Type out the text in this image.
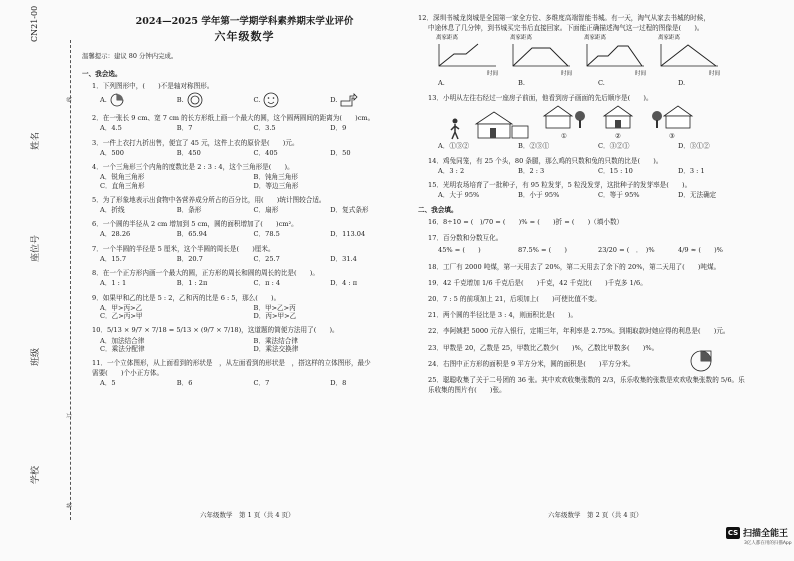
CN21-00
姓名
座位号
班级
学校
线
订
装
2024—2025 学年第一学期学科素养期末学业评价
六年级数学
温馨提示：建议 80 分钟内完成。
一、我会选。
1．下列图形中，(　　)不是轴对称图形。
A.	B.	C.	D.
2．在一张长 9 cm、宽 7 cm 的长方形纸上画一个最大的圆，这个圆两圆间的距离为(　　)cm。
A．4.5	B．7	C．3.5	D．9
3．一件上衣打九折出售，便宜了 45 元，这件上衣的原价是(　　)元。
A．500	B．450	C．405	D．50
4．一个三角形三个内角的度数比是 2 : 3 : 4，这个三角形是(　　)。
A．锐角三角形	B．钝角三角形
C．直角三角形	D．等边三角形
5．为了形象地表示出食物中各营养成分所占的百分比，用(　　)统计图较合适。
A．折线	B．条形	C．扇形	D．复式条形
6．一个圆的半径从 2 cm 增加到 5 cm，圆的面积增加了(　　)cm²。
A．28.26	B．65.94	C．78.5	D．113.04
7．一个半圆的半径是 5 厘米，这个半圆的周长是(　　)厘米。
A．15.7	B．20.7	C．25.7	D．31.4
8．在一个正方形内画一个最大的圆，正方形的周长和圆的周长的比是(　　)。
A．1 : 1	B．1 : 2π	C．π : 4	D．4 : π
9．如果甲和乙的比是 5 : 2，乙和丙的比是 6 : 5，那么(　　)。
A．甲>丙>乙	B．甲>乙>丙
C．乙>丙>甲	D．丙>甲>乙
10．5/13 × 9/7 × 7/18 = 5/13 × (9/7 × 7/18)，这道题的简便方法用了(　　)。
A．加法结合律	B．乘法结合律
C．乘法分配律	D．乘法交换律
11．一个立体图形，从上面看到的形状是　，从左面看到的形状是　，搭这样的立体图形，最少
需要(　　)个小正方体。
A．5	B．6	C．7	D．8
六年级数学　第 1 页（共 4 页）
12．深圳书城龙岗城是全国第一家全方位、多维度高端智能书城。有一天，淘气从家去书城的时候，
中途休息了几分钟，到书城买完书后直接回家。下面能正确描述淘气这一过程的图像是(　　)。
离家距离
时间
离家距离
时间
离家距离
时间
离家距离
时间
A.	B.	C.	D.
13．小明从左往右经过一座房子前面，他看到房子画面的先后顺序是(　　)。
①	②	③
A．①③②	B．②③①	C．③②①	D．③①②
14．鸡兔同笼，有 25 个头，80 条腿，那么鸡的只数和兔的只数的比是(　　)。
A．3 : 2	B．2 : 3	C．15 : 10	D．3 : 1
15．光明农场培育了一批种子，有 95 粒发芽，5 粒没发芽，这批种子的发芽率是(　　)。
A．大于 95%	B．小于 95%	C．等于 95%	D．无法确定
二、我会填。
16．8÷10 = (　)/70 = (　　)% = (　　)折 = (　　)（填小数）
17．百分数和分数互化。
45% = (　　)	87.5% = (　　)	23/20 = (　．　)%	4/9 ≈ (　　)%
18．工厂有 2000 吨煤，第一天用去了 20%，第二天用去了余下的 20%，第二天用了(　　)吨煤。
19．42 千克增加 1/6 千克后是(　　)千克，42 千克比(　　)千克多 1/6。
20．7 : 5 的前项加上 21，后项加上(　　)可使比值不变。
21．两个圆的半径比是 3 : 4，则面积比是(　　)。
22．李阿姨把 5000 元存入银行，定期三年，年利率是 2.75%。到期取款时她应得的利息是(　　)元。
23．甲数是 20，乙数是 25，甲数比乙数少(　　)%，乙数比甲数多(　　)%。
24．右图中正方形的面积是 9 平方分米，圆的面积是(　　)平方分米。
25．聪聪收集了关于二号团的 36 张。其中欢欢收集张数的 2/3，乐乐收集的张数是欢欢收集张数的 5/6。乐
乐收集的图片有(　　)张。
六年级数学　第 2 页（共 4 页）
CS 扫描全能王
3亿人都在用的扫描App
